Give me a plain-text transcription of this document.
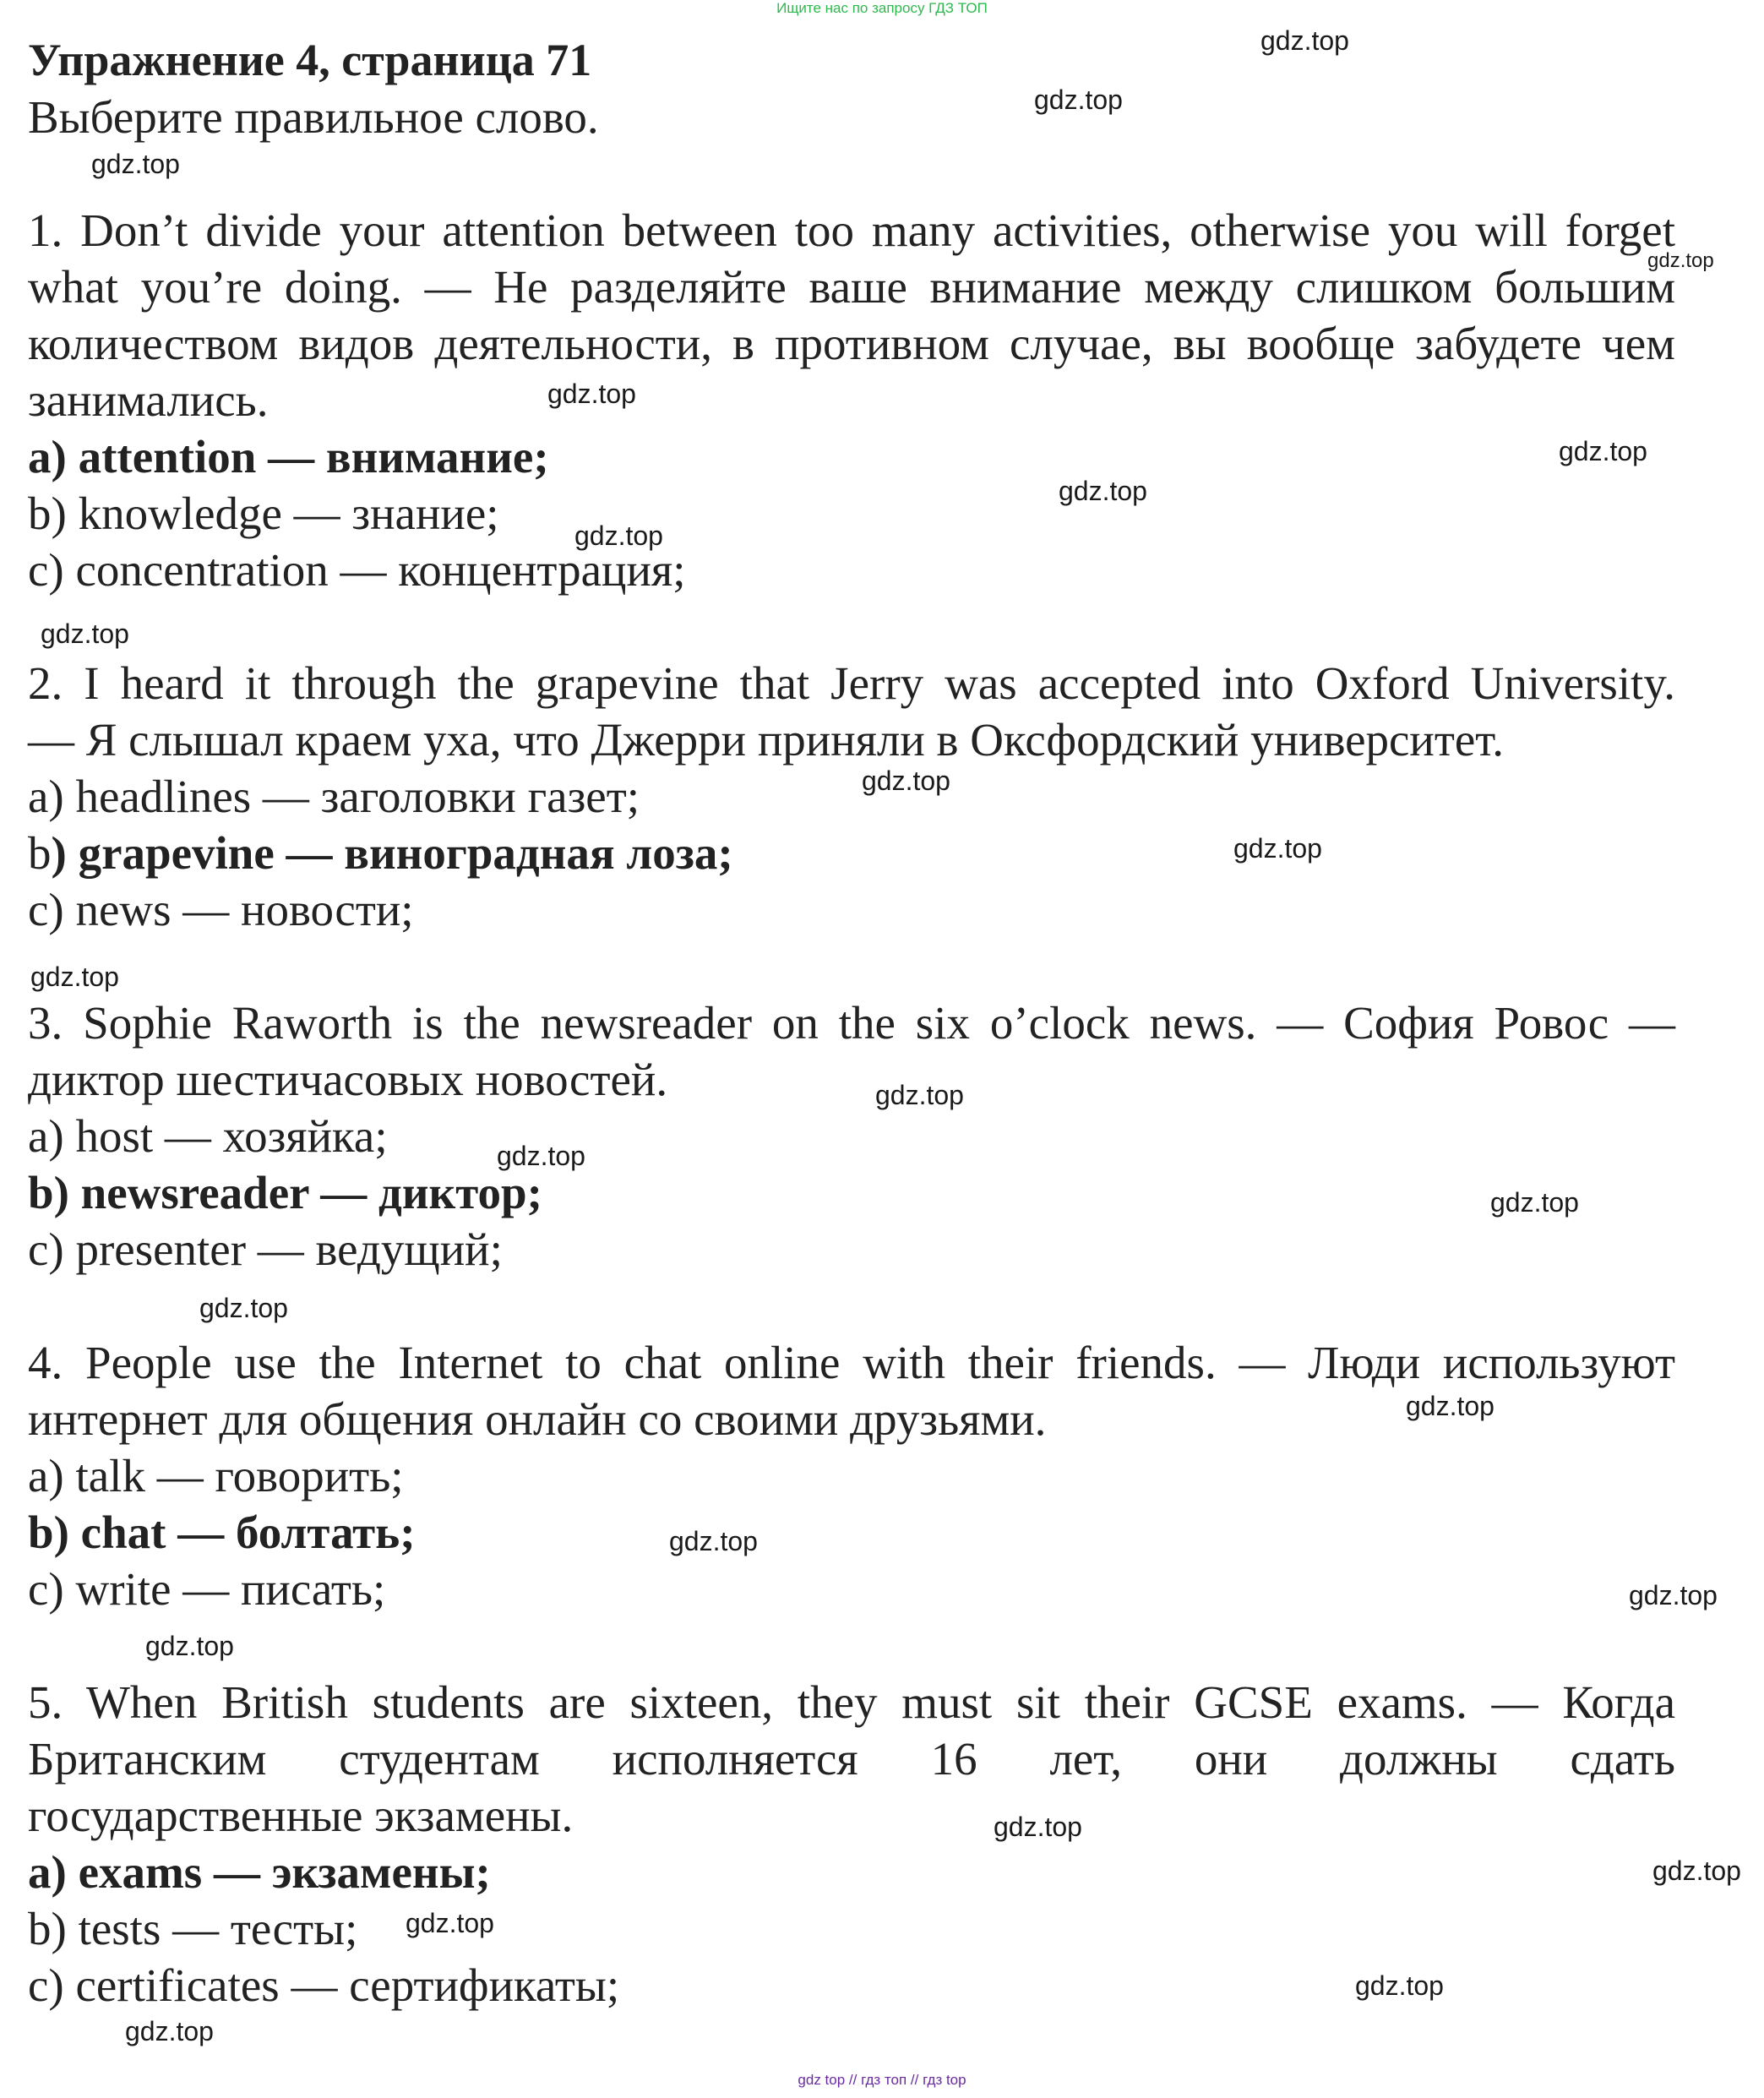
Ищите нас по запросу ГДЗ ТОП
Упражнение 4, страница 71
Выберите правильное слово.
1. Don’t divide your attention between too many activities, otherwise you will forget
what you’re doing. — Не разделяйте ваше внимание между слишком большим
количеством видов деятельности, в противном случае, вы вообще забудете чем
занимались.
a) attention — внимание;
b) knowledge — знание;
c) concentration — концентрация;
2. I heard it through the grapevine that Jerry was accepted into Oxford University.
— Я слышал краем уха, что Джерри приняли в Оксфордский университет.
a) headlines — заголовки газет;
b) grapevine — виноградная лоза;
c) news — новости;
3. Sophie Raworth is the newsreader on the six o’clock news. — София Ровос —
диктор шестичасовых новостей.
a) host — хозяйка;
b) newsreader — диктор;
c) presenter — ведущий;
4. People use the Internet to chat online with their friends. — Люди используют
интернет для общения онлайн со своими друзьями.
a) talk — говорить;
b) chat — болтать;
c) write — писать;
5. When British students are sixteen, they must sit their GCSE exams. — Когда
Британским студентам исполняется 16 лет, они должны сдать
государственные экзамены.
a) exams — экзамены;
b) tests — тесты;
c) certificates — сертификаты;
gdz.top
gdz.top
gdz.top
gdz.top
gdz.top
gdz.top
gdz.top
gdz.top
gdz.top
gdz.top
gdz.top
gdz.top
gdz.top
gdz.top
gdz.top
gdz.top
gdz.top
gdz.top
gdz.top
gdz.top
gdz.top
gdz.top
gdz.top
gdz.top
gdz.top
gdz top // гдз топ // гдз top
